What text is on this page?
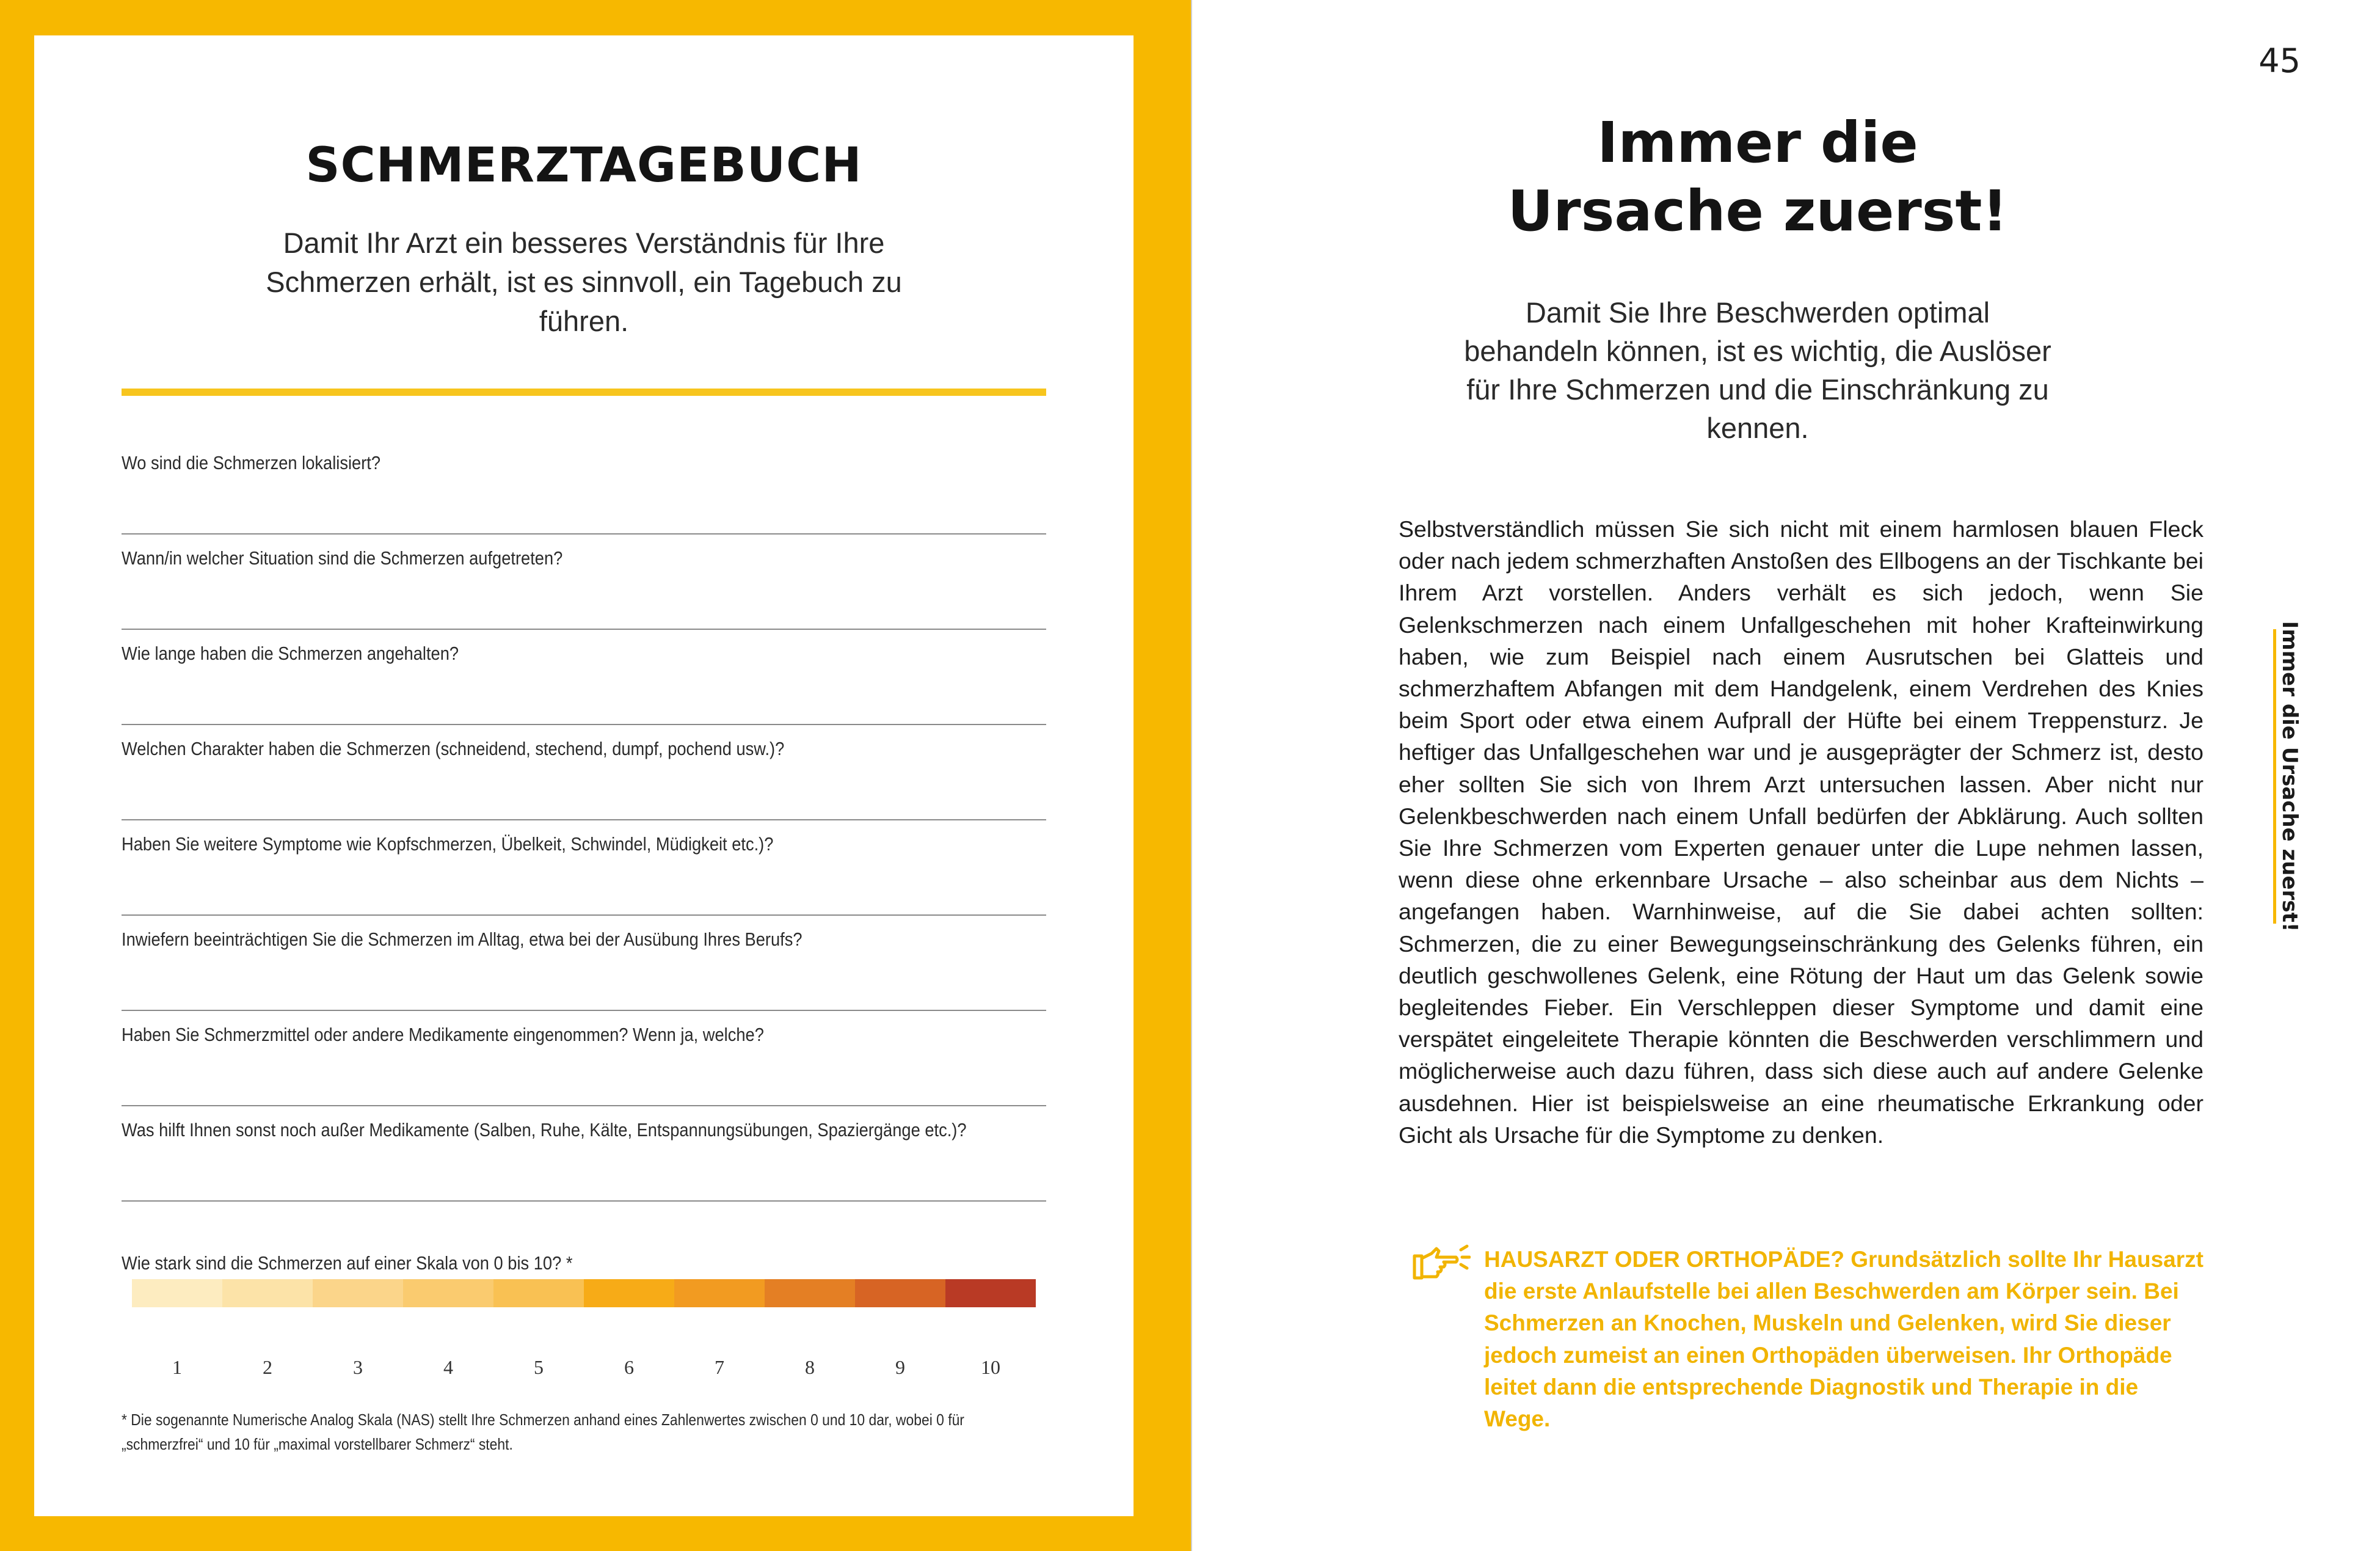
SCHMERZTAGEBUCH
Damit Ihr Arzt ein besseres Verständnis für Ihre Schmerzen erhält, ist es sinnvoll, ein Tagebuch zu führen.
Wo sind die Schmerzen lokalisiert?
Wann/in welcher Situation sind die Schmerzen aufgetreten?
Wie lange haben die Schmerzen angehalten?
Welchen Charakter haben die Schmerzen (schneidend, stechend, dumpf, pochend usw.)?
Haben Sie weitere Symptome wie Kopfschmerzen, Übelkeit, Schwindel, Müdigkeit etc.)?
Inwiefern beeinträchtigen Sie die Schmerzen im Alltag, etwa bei der Ausübung Ihres Berufs?
Haben Sie Schmerzmittel oder andere Medikamente eingenommen? Wenn ja, welche?
Was hilft Ihnen sonst noch außer Medikamente (Salben, Ruhe, Kälte, Entspannungsübungen, Spaziergänge etc.)?
Wie stark sind die Schmerzen auf einer Skala von 0 bis 10? *
1	2	3	4	5	6	7	8	9	10
* Die sogenannte Numerische Analog Skala (NAS) stellt Ihre Schmerzen anhand eines Zahlenwertes zwischen 0 und 10 dar, wobei 0 für „schmerzfrei“ und 10 für „maximal vorstellbarer Schmerz“ steht.
45
Immer die
Ursache zuerst!
Damit Sie Ihre Beschwerden optimal behandeln können, ist es wichtig, die Auslöser für Ihre Schmerzen und die Einschränkung zu kennen.

Selbstverständlich müssen Sie sich nicht mit einem harmlosen blauen Fleck oder nach jedem schmerzhaften Anstoßen des Ellbogens an der Tischkante bei Ihrem Arzt vorstellen. Anders verhält es sich jedoch, wenn Sie Gelenkschmerzen nach einem Unfallgeschehen mit hoher Krafteinwirkung haben, wie zum Beispiel nach einem Ausrutschen bei Glatteis und schmerzhaftem Abfangen mit dem Handgelenk, einem Verdrehen des Knies beim Sport oder etwa einem Aufprall der Hüfte bei einem Treppensturz. Je heftiger das Unfallgeschehen war und je ausgeprägter der Schmerz ist, desto eher sollten Sie sich von Ihrem Arzt untersuchen lassen. Aber nicht nur Gelenkbeschwerden nach einem Unfall bedürfen der Abklärung. Auch sollten Sie Ihre Schmerzen vom Experten genauer unter die Lupe nehmen lassen, wenn diese ohne erkennbare Ursache – also scheinbar aus dem Nichts – angefangen haben. Warnhinweise, auf die Sie dabei achten sollten: Schmerzen, die zu einer Bewegungseinschränkung des Gelenks führen, ein deutlich geschwollenes Gelenk, eine Rötung der Haut um das Gelenk sowie begleitendes Fieber. Ein Verschleppen dieser Symptome und damit eine verspätet eingeleitete Therapie könnten die Beschwerden verschlimmern und möglicherweise auch dazu führen, dass sich diese auch auf andere Gelenke ausdehnen. Hier ist beispielsweise an eine rheumatische Erkrankung oder Gicht als Ursache für die Symptome zu denken.

HAUSARZT ODER ORTHOPÄDE? Grundsätzlich sollte Ihr Hausarzt die erste Anlaufstelle bei allen Beschwerden am Körper sein. Bei Schmerzen an Knochen, Muskeln und Gelenken, wird Sie dieser jedoch zumeist an einen Orthopäden überweisen. Ihr Orthopäde leitet dann die entsprechende Diagnostik und Therapie in die Wege.
Immer die Ursache zuerst!
